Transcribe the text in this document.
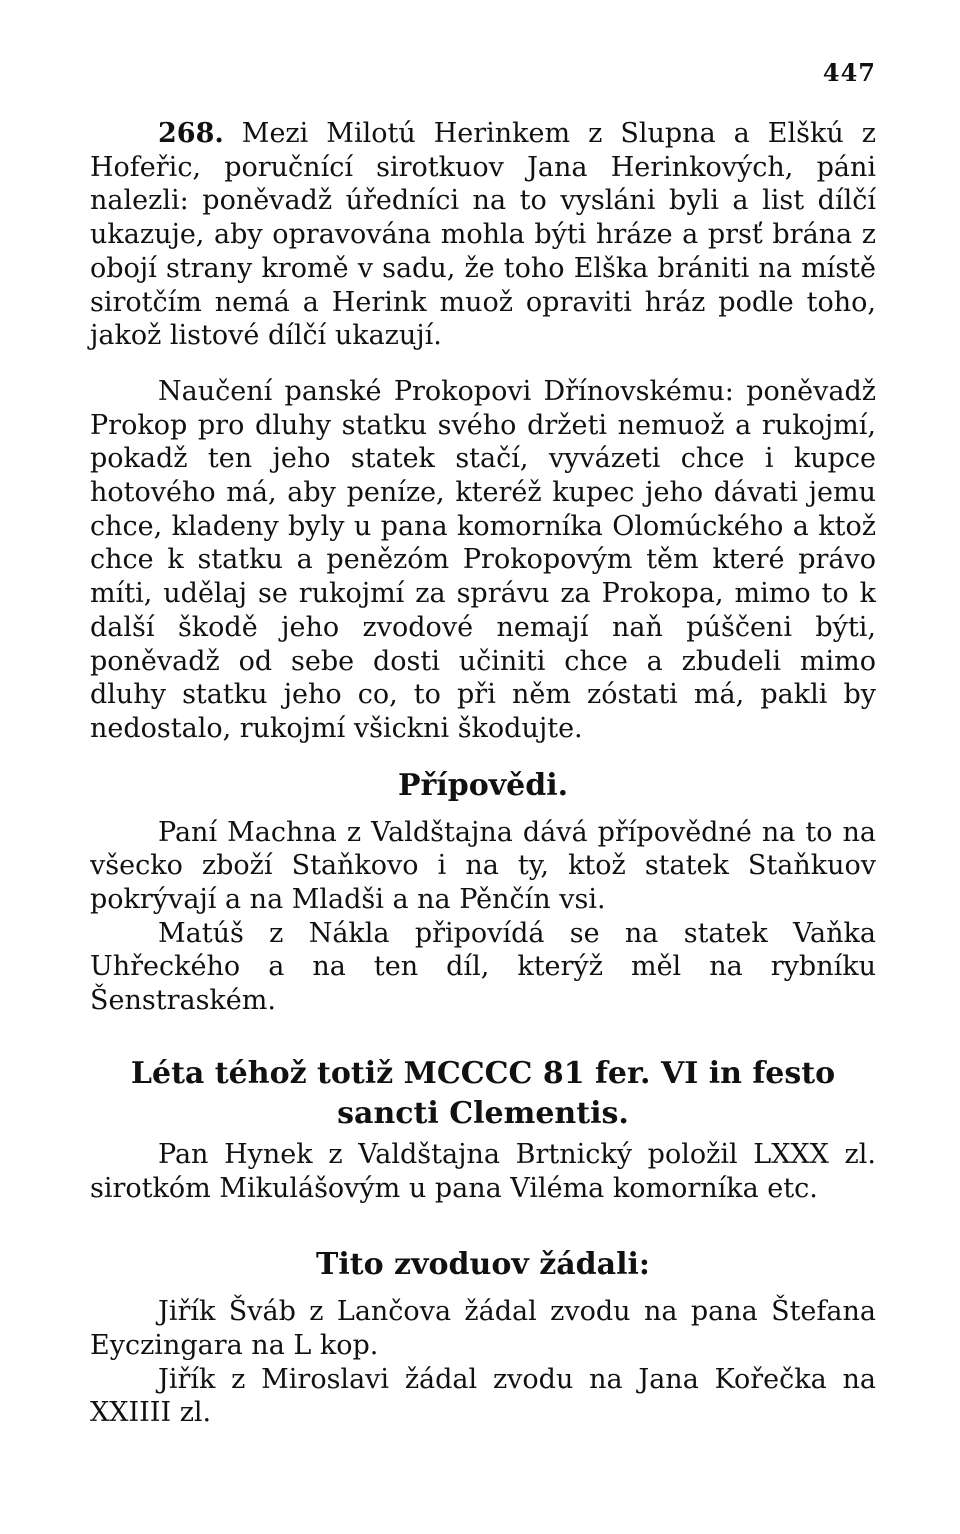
447

268. Mezi Milotú Herinkem z Slupna a Elškú z Hofeřic, poručnící sirotkuov Jana Herinkových, páni nalezli: poněvadž úředníci na to vysláni byli a list dílčí ukazuje, aby opravována mohla býti hráze a prsť brána z obojí strany kromě v sadu, že toho Elška brániti na místě sirotčím nemá a Herink muož opraviti hráz podle toho, jakož listové dílčí ukazují.

Naučení panské Prokopovi Dřínovskému: poněvadž Prokop pro dluhy statku svého držeti nemuož a rukojmí, pokadž ten jeho statek stačí, vyvázeti chce i kupce hotového má, aby peníze, kteréž kupec jeho dávati jemu chce, kladeny byly u pana komorníka Olomúckého a ktož chce k statku a penězóm Prokopovým těm které právo míti, udělaj se rukojmí za správu za Prokopa, mimo to k další škodě jeho zvodové nemají naň púščeni býti, poněvadž od sebe dosti učiniti chce a zbudeli mimo dluhy statku jeho co, to při něm zóstati má, pakli by nedostalo, rukojmí všickni škodujte.

Přípovědi.

Paní Machna z Valdštajna dává přípovědné na to na všecko zboží Staňkovo i na ty, ktož statek Staňkuov pokrývají a na Mladši a na Pěnčín vsi.

Matúš z Nákla připovídá se na statek Vaňka Uhřeckého a na ten díl, kterýž měl na rybníku Šenstraském.

Léta téhož totiž MCCCC 81 fer. VI in festo sancti Clementis.

Pan Hynek z Valdštajna Brtnický položil LXXX zl. sirotkóm Mikulášovým u pana Viléma komorníka etc.

Tito zvoduov žádali:

Jiřík Šváb z Lančova žádal zvodu na pana Štefana Eyczingara na L kop.

Jiřík z Miroslavi žádal zvodu na Jana Kořečka na XXIIII zl.
